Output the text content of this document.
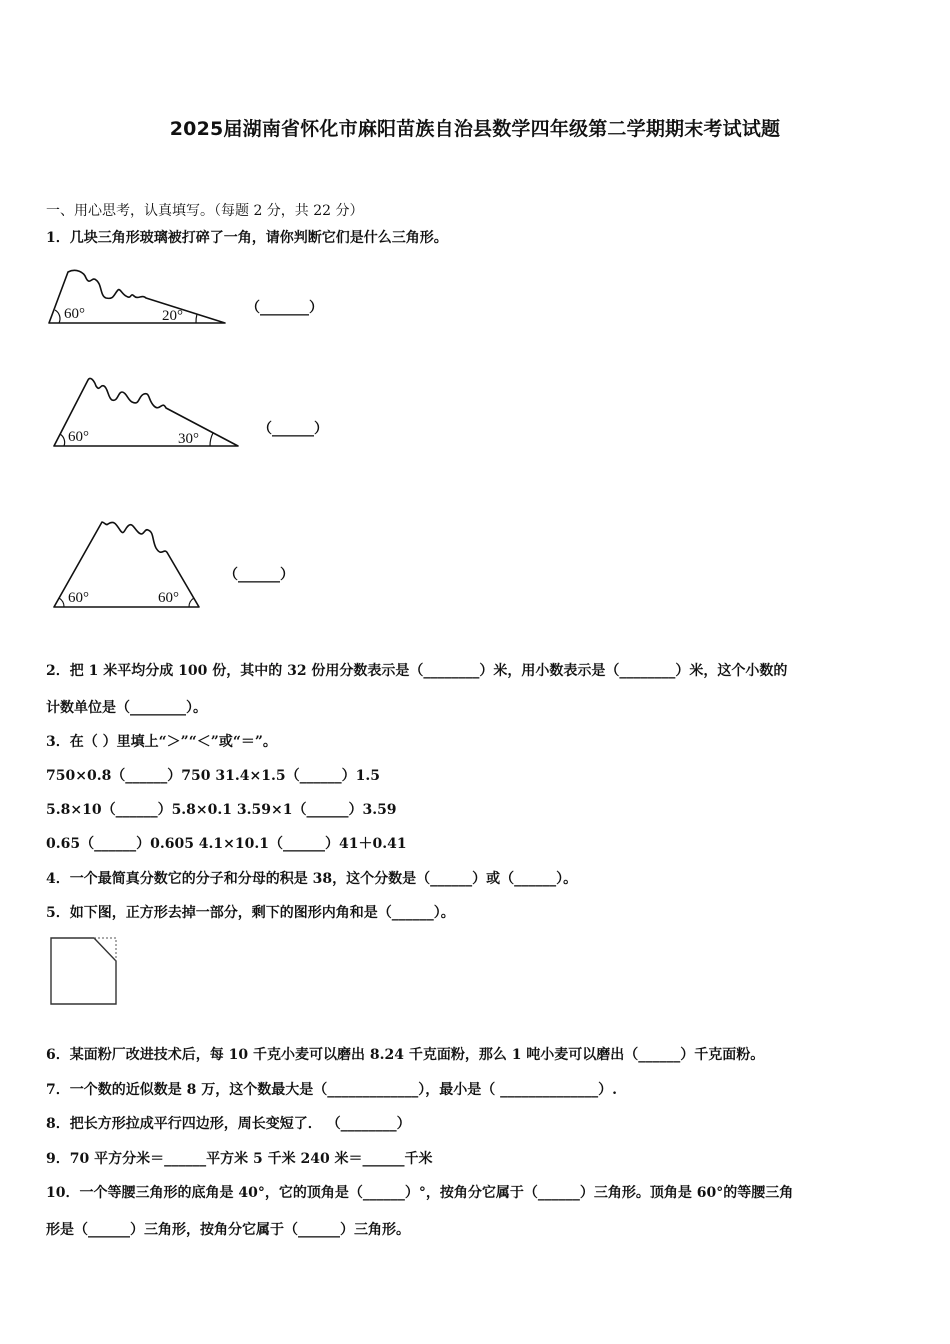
2025届湖南省怀化市麻阳苗族自治县数学四年级第二学期期末考试试题
一、用心思考，认真填写。（每题 2 分，共 22 分）
1．几块三角形玻璃被打碎了一角，请你判断它们是什么三角形。
60°	20°	（_______）
60°	30°
（______）
60°	60°
（______）
2．把 1 米平均分成 100 份，其中的 32 份用分数表示是（________）米，用小数表示是（________）米，这个小数的
计数单位是（________）。
3．在（ ）里填上“＞”“＜”或“＝”。
750×0.8（______）750 31.4×1.5（______）1.5
5.8×10（______）5.8×0.1 3.59×1（______）3.59
0.65（______）0.605 4.1×10.1（______）41＋0.41
4．一个最简真分数它的分子和分母的积是 38，这个分数是（______）或（______）。
5．如下图，正方形去掉一部分，剩下的图形内角和是（______）。
6．某面粉厂改进技术后，每 10 千克小麦可以磨出 8.24 千克面粉，那么 1 吨小麦可以磨出（______）千克面粉。
7．一个数的近似数是 8 万，这个数最大是（_____________），最小是（ ______________）.
8．把长方形拉成平行四边形，周长变短了． （________）
9．70 平方分米＝______平方米 5 千米 240 米＝______千米
10．一个等腰三角形的底角是 40°，它的顶角是（______）°，按角分它属于（______）三角形。顶角是 60°的等腰三角
形是（______）三角形，按角分它属于（______）三角形。
